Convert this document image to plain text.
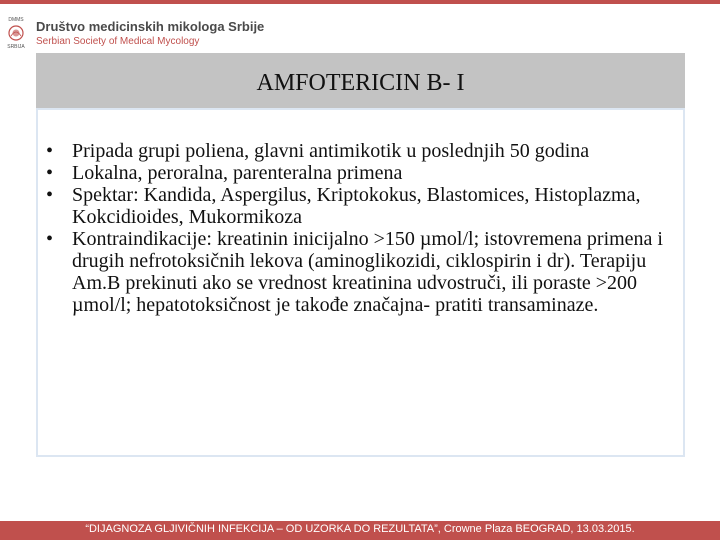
DMMS
SRBIJA
Društvo medicinskih mikologa Srbije
Serbian Society of Medical Mycology
AMFOTERICIN B- I
• Pripada grupi poliena, glavni antimikotik u poslednjih 50 godina
• Lokalna, peroralna, parenteralna primena
• Spektar: Kandida, Aspergilus, Kriptokokus, Blastomices, Histoplazma, Kokcidioides, Mukormikoza
• Kontraindikacije: kreatinin inicijalno >150 µmol/l; istovremena primena i drugih nefrotoksičnih lekova (aminoglikozidi, ciklospirin i dr). Terapiju Am.B prekinuti ako se vrednost kreatinina udvostruči, ili poraste >200 µmol/l; hepatotoksičnost je takođe značajna- pratiti transaminaze.
“DIJAGNOZA GLJIVIČNIH INFEKCIJA – OD UZORKA DO REZULTATA”, Crowne Plaza BEOGRAD, 13.03.2015.
